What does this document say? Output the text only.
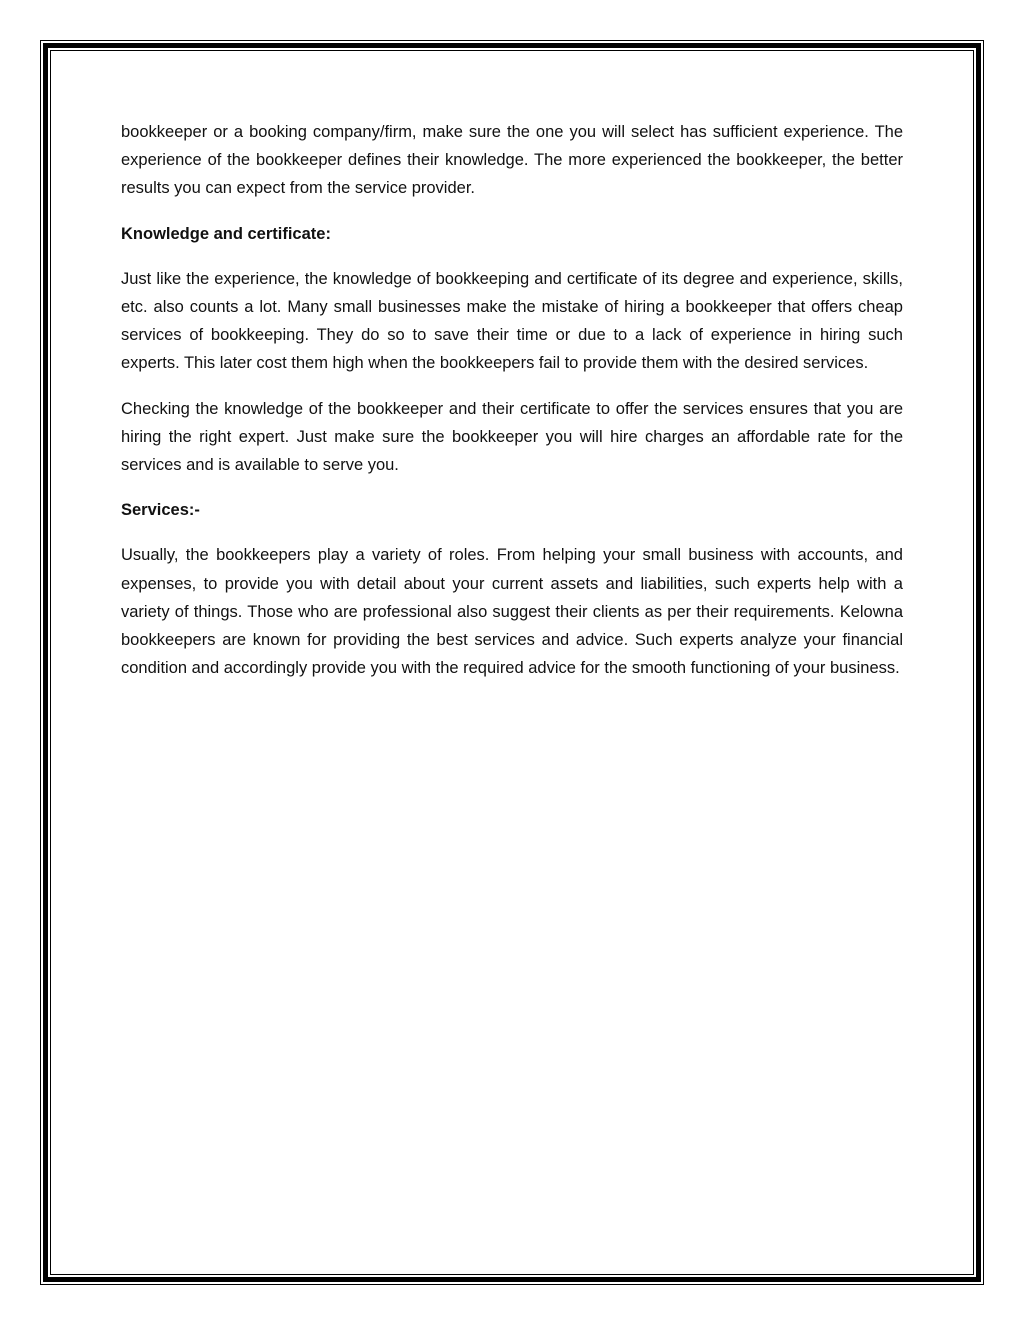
bookkeeper or a booking company/firm, make sure the one you will select has sufficient experience. The experience of the bookkeeper defines their knowledge. The more experienced the bookkeeper, the better results you can expect from the service provider.

Knowledge and certificate:

Just like the experience, the knowledge of bookkeeping and certificate of its degree and experience, skills, etc. also counts a lot. Many small businesses make the mistake of hiring a bookkeeper that offers cheap services of bookkeeping. They do so to save their time or due to a lack of experience in hiring such experts. This later cost them high when the bookkeepers fail to provide them with the desired services.

Checking the knowledge of the bookkeeper and their certificate to offer the services ensures that you are hiring the right expert. Just make sure the bookkeeper you will hire charges an affordable rate for the services and is available to serve you.

Services:-

Usually, the bookkeepers play a variety of roles. From helping your small business with accounts, and expenses, to provide you with detail about your current assets and liabilities, such experts help with a variety of things. Those who are professional also suggest their clients as per their requirements. Kelowna bookkeepers are known for providing the best services and advice. Such experts analyze your financial condition and accordingly provide you with the required advice for the smooth functioning of your business.
